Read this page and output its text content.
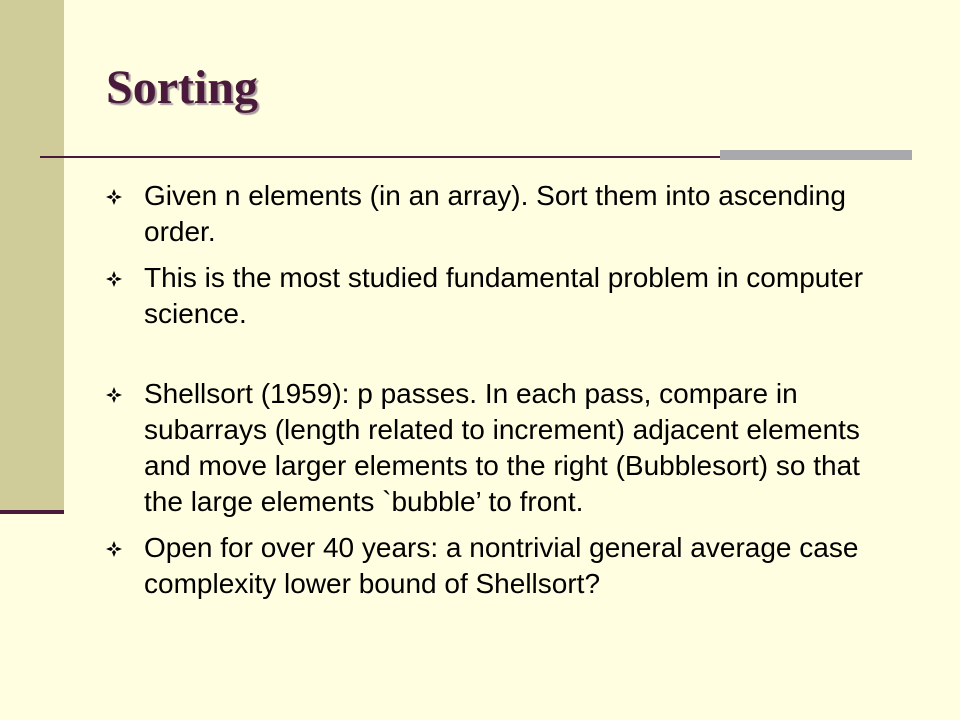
Sorting
Given n elements (in an array). Sort them into ascending order.
This is the most studied fundamental problem in computer science.
Shellsort (1959): p passes. In each pass, compare in subarrays (length related to increment) adjacent elements and move larger elements to the right (Bubblesort) so that the large elements `bubble’ to front.
Open for over 40 years: a nontrivial general average case complexity lower bound of Shellsort?
